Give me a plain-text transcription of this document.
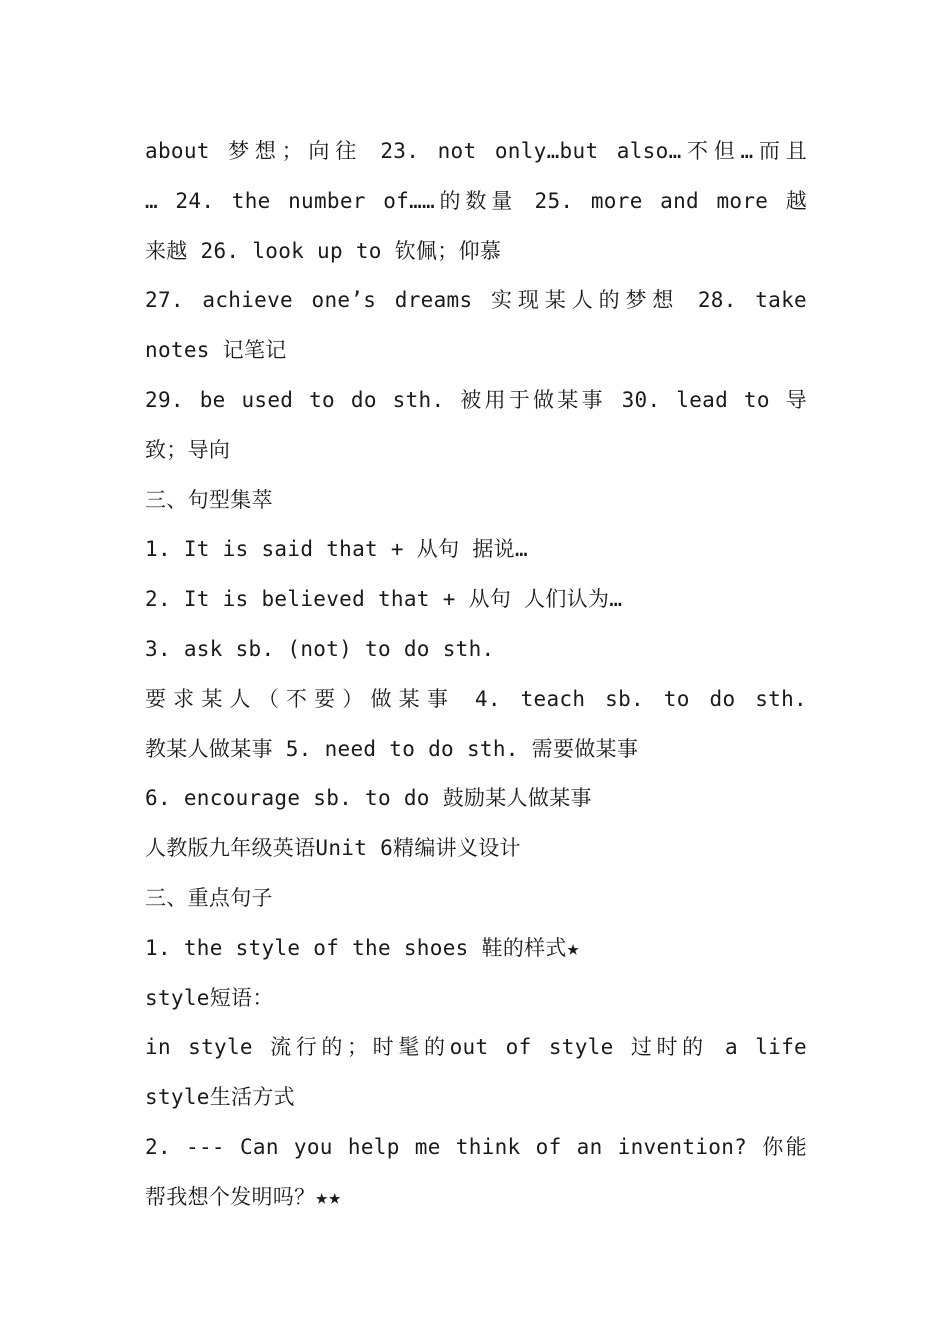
about 梦想；向往 23. not only…but also…不但…而且
… 24. the number of……的数量 25. more and more 越
来越 26. look up to 钦佩；仰慕
27. achieve one’s dreams 实现某人的梦想 28. take
notes 记笔记
29. be used to do sth. 被用于做某事 30. lead to 导
致；导向
三、句型集萃
1. It is said that + 从句 据说…
2. It is believed that + 从句 人们认为…
3. ask sb. (not) to do sth.
要求某人（不要）做某事 4. teach sb. to do sth.
教某人做某事 5. need to do sth. 需要做某事
6. encourage sb. to do 鼓励某人做某事
人教版九年级英语Unit 6精编讲义设计
三、重点句子
1. the style of the shoes 鞋的样式★
style短语：
in style 流行的；时髦的out of style 过时的 a life
style生活方式
2. --- Can you help me think of an invention? 你能
帮我想个发明吗？★★
